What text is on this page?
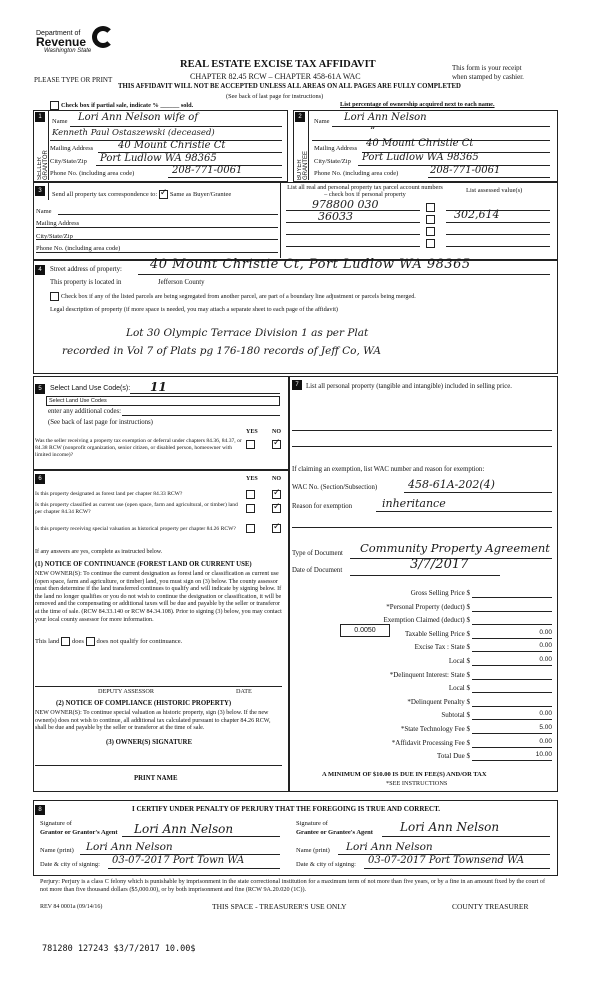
Department of
Revenue
Washington State
PLEASE TYPE OR PRINT
REAL ESTATE EXCISE TAX AFFIDAVIT
CHAPTER 82.45 RCW – CHAPTER 458-61A WAC
THIS AFFIDAVIT WILL NOT BE ACCEPTED UNLESS ALL AREAS ON ALL PAGES ARE FULLY COMPLETED
(See back of last page for instructions)
This form is your receipt
when stamped by cashier.
Check box if partial sale, indicate % ______ sold.	List percentage of ownership acquired next to each name.
1
SELLER GRANTOR
Name Lori Ann Nelson wife of
Kenneth Paul Ostaszewski (deceased)
Mailing Address 40 Mount Christie Ct
City/State/Zip Port Ludlow WA 98365
Phone No. (including area code)	208-771-0061
2
BUYER GRANTEE
Name Lori Ann Nelson
“
Mailing Address 40 Mount Christie Ct
City/State/Zip Port Ludlow WA 98365
Phone No. (including area code)	208-771-0061
3	Send all property tax correspondence to: ✓ Same as Buyer/Grantee
Name
Mailing Address
City/State/Zip
Phone No. (including area code)
List all real and personal property tax parcel account numbers – check box if personal property
List assessed value(s)
978800 030
36033	302,614
4	Street address of property: 40 Mount Christie Ct, Port Ludlow WA 98365
This property is located in	Jefferson County
Check box if any of the listed parcels are being segregated from another parcel, are part of a boundary line adjustment or parcels being merged.
Legal description of property (if more space is needed, you may attach a separate sheet to each page of the affidavit)
Lot 30 Olympic Terrace Division 1 as per Plat
recorded in Vol 7 of Plats pg 176-180 records of Jeff Co, WA
5	Select Land Use Code(s): 11
Select Land Use Codes
enter any additional codes:
(See back of last page for instructions)
YES NO
Was the seller receiving a property tax exemption or deferral under chapters 84.36, 84.37, or 84.38 RCW (nonprofit organization, senior citizen, or disabled person, homeowner with limited income)?
✓
6	YES NO
Is this property designated as forest land per chapter 84.33 RCW?	✓
Is this property classified as current use (open space, farm and agricultural, or timber) land per chapter 84.34 RCW?
✓
Is this property receiving special valuation as historical property per chapter 84.26 RCW?	✓
If any answers are yes, complete as instructed below.
(1) NOTICE OF CONTINUANCE (FOREST LAND OR CURRENT USE)
NEW OWNER(S): To continue the current designation as forest land or classification as current use (open space, farm and agriculture, or timber) land, you must sign on (3) below. The county assessor must then determine if the land transferred continues to qualify and will indicate by signing below. If the land no longer qualifies or you do not wish to continue the designation or classification, it will be removed and the compensating or additional taxes will be due and payable by the seller or transferor at the time of sale. (RCW 84.33.140 or RCW 84.34.108). Prior to signing (3) below, you may contact your local county assessor for more information.
This land does does not qualify for continuance.
DEPUTY ASSESSOR	DATE
(2) NOTICE OF COMPLIANCE (HISTORIC PROPERTY)
NEW OWNER(S): To continue special valuation as historic property, sign (3) below. If the new owner(s) does not wish to continue, all additional tax calculated pursuant to chapter 84.26 RCW, shall be due and payable by the seller or transferor at the time of sale.
(3) OWNER(S) SIGNATURE
PRINT NAME
7	List all personal property (tangible and intangible) included in selling price.
If claiming an exemption, list WAC number and reason for exemption:
WAC No. (Section/Subsection)	458-61A-202(4)
Reason for exemption	inheritance
Type of Document Community Property Agreement
Date of Document	3/7/2017
Gross Selling Price $
*Personal Property (deduct) $
Exemption Claimed (deduct) $
Taxable Selling Price $	0.00
Excise Tax : State $	0.00
Local $	0.00
*Delinquent Interest: State $
Local $
*Delinquent Penalty $
Subtotal $	0.00
*State Technology Fee $	5.00
*Affidavit Processing Fee $	0.00
Total Due $	10.00
0.0050
A MINIMUM OF $10.00 IS DUE IN FEE(S) AND/OR TAX
*SEE INSTRUCTIONS
8	I CERTIFY UNDER PENALTY OF PERJURY THAT THE FOREGOING IS TRUE AND CORRECT.
Signature of
Grantor or Grantor's Agent Lori Ann Nelson
Name (print) Lori Ann Nelson
Date & city of signing: 03-07-2017 Port Town WA
Signature of
Grantee or Grantee's Agent Lori Ann Nelson
Name (print) Lori Ann Nelson
Date & city of signing: 03-07-2017 Port Townsend WA
Perjury: Perjury is a class C felony which is punishable by imprisonment in the state correctional institution for a maximum term of not more than five years, or by a fine in an amount fixed by the court of not more than five thousand dollars ($5,000.00), or by both imprisonment and fine (RCW 9A.20.020 (1C)).
REV 84 0001a (09/14/16)	THIS SPACE - TREASURER'S USE ONLY	COUNTY TREASURER
781280 127243 $3/7/2017 10.00$
